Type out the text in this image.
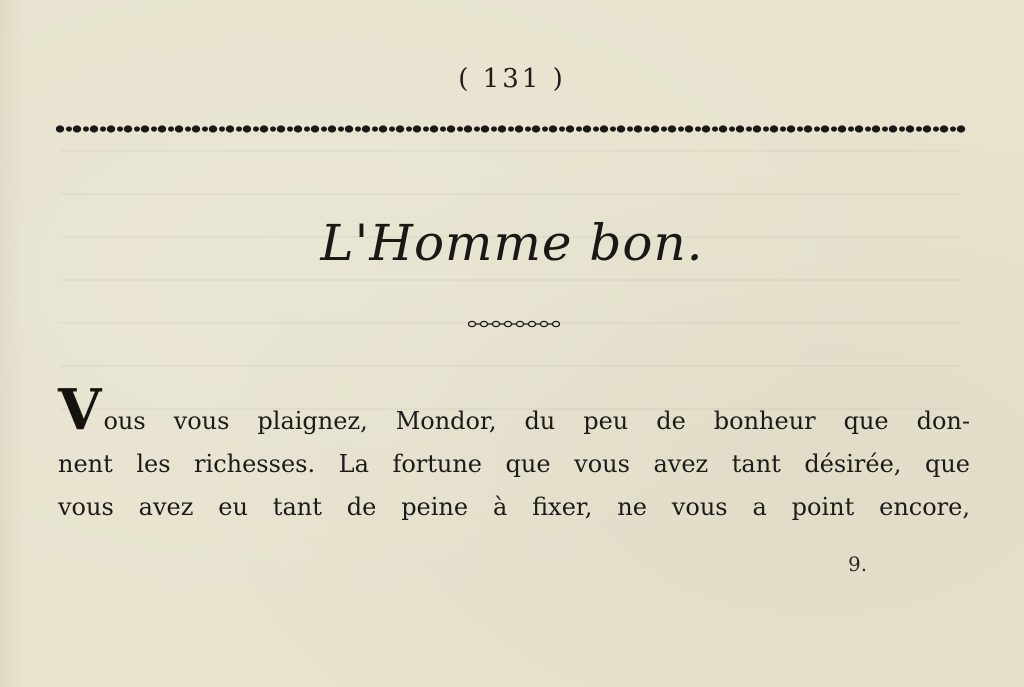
( 131 )
L'Homme bon.
V ous vous plaignez, Mondor, du peu de bonheur que don-
nent les richesses. La fortune que vous avez tant désirée, que
vous avez eu tant de peine à fixer, ne vous a point encore,
9.
